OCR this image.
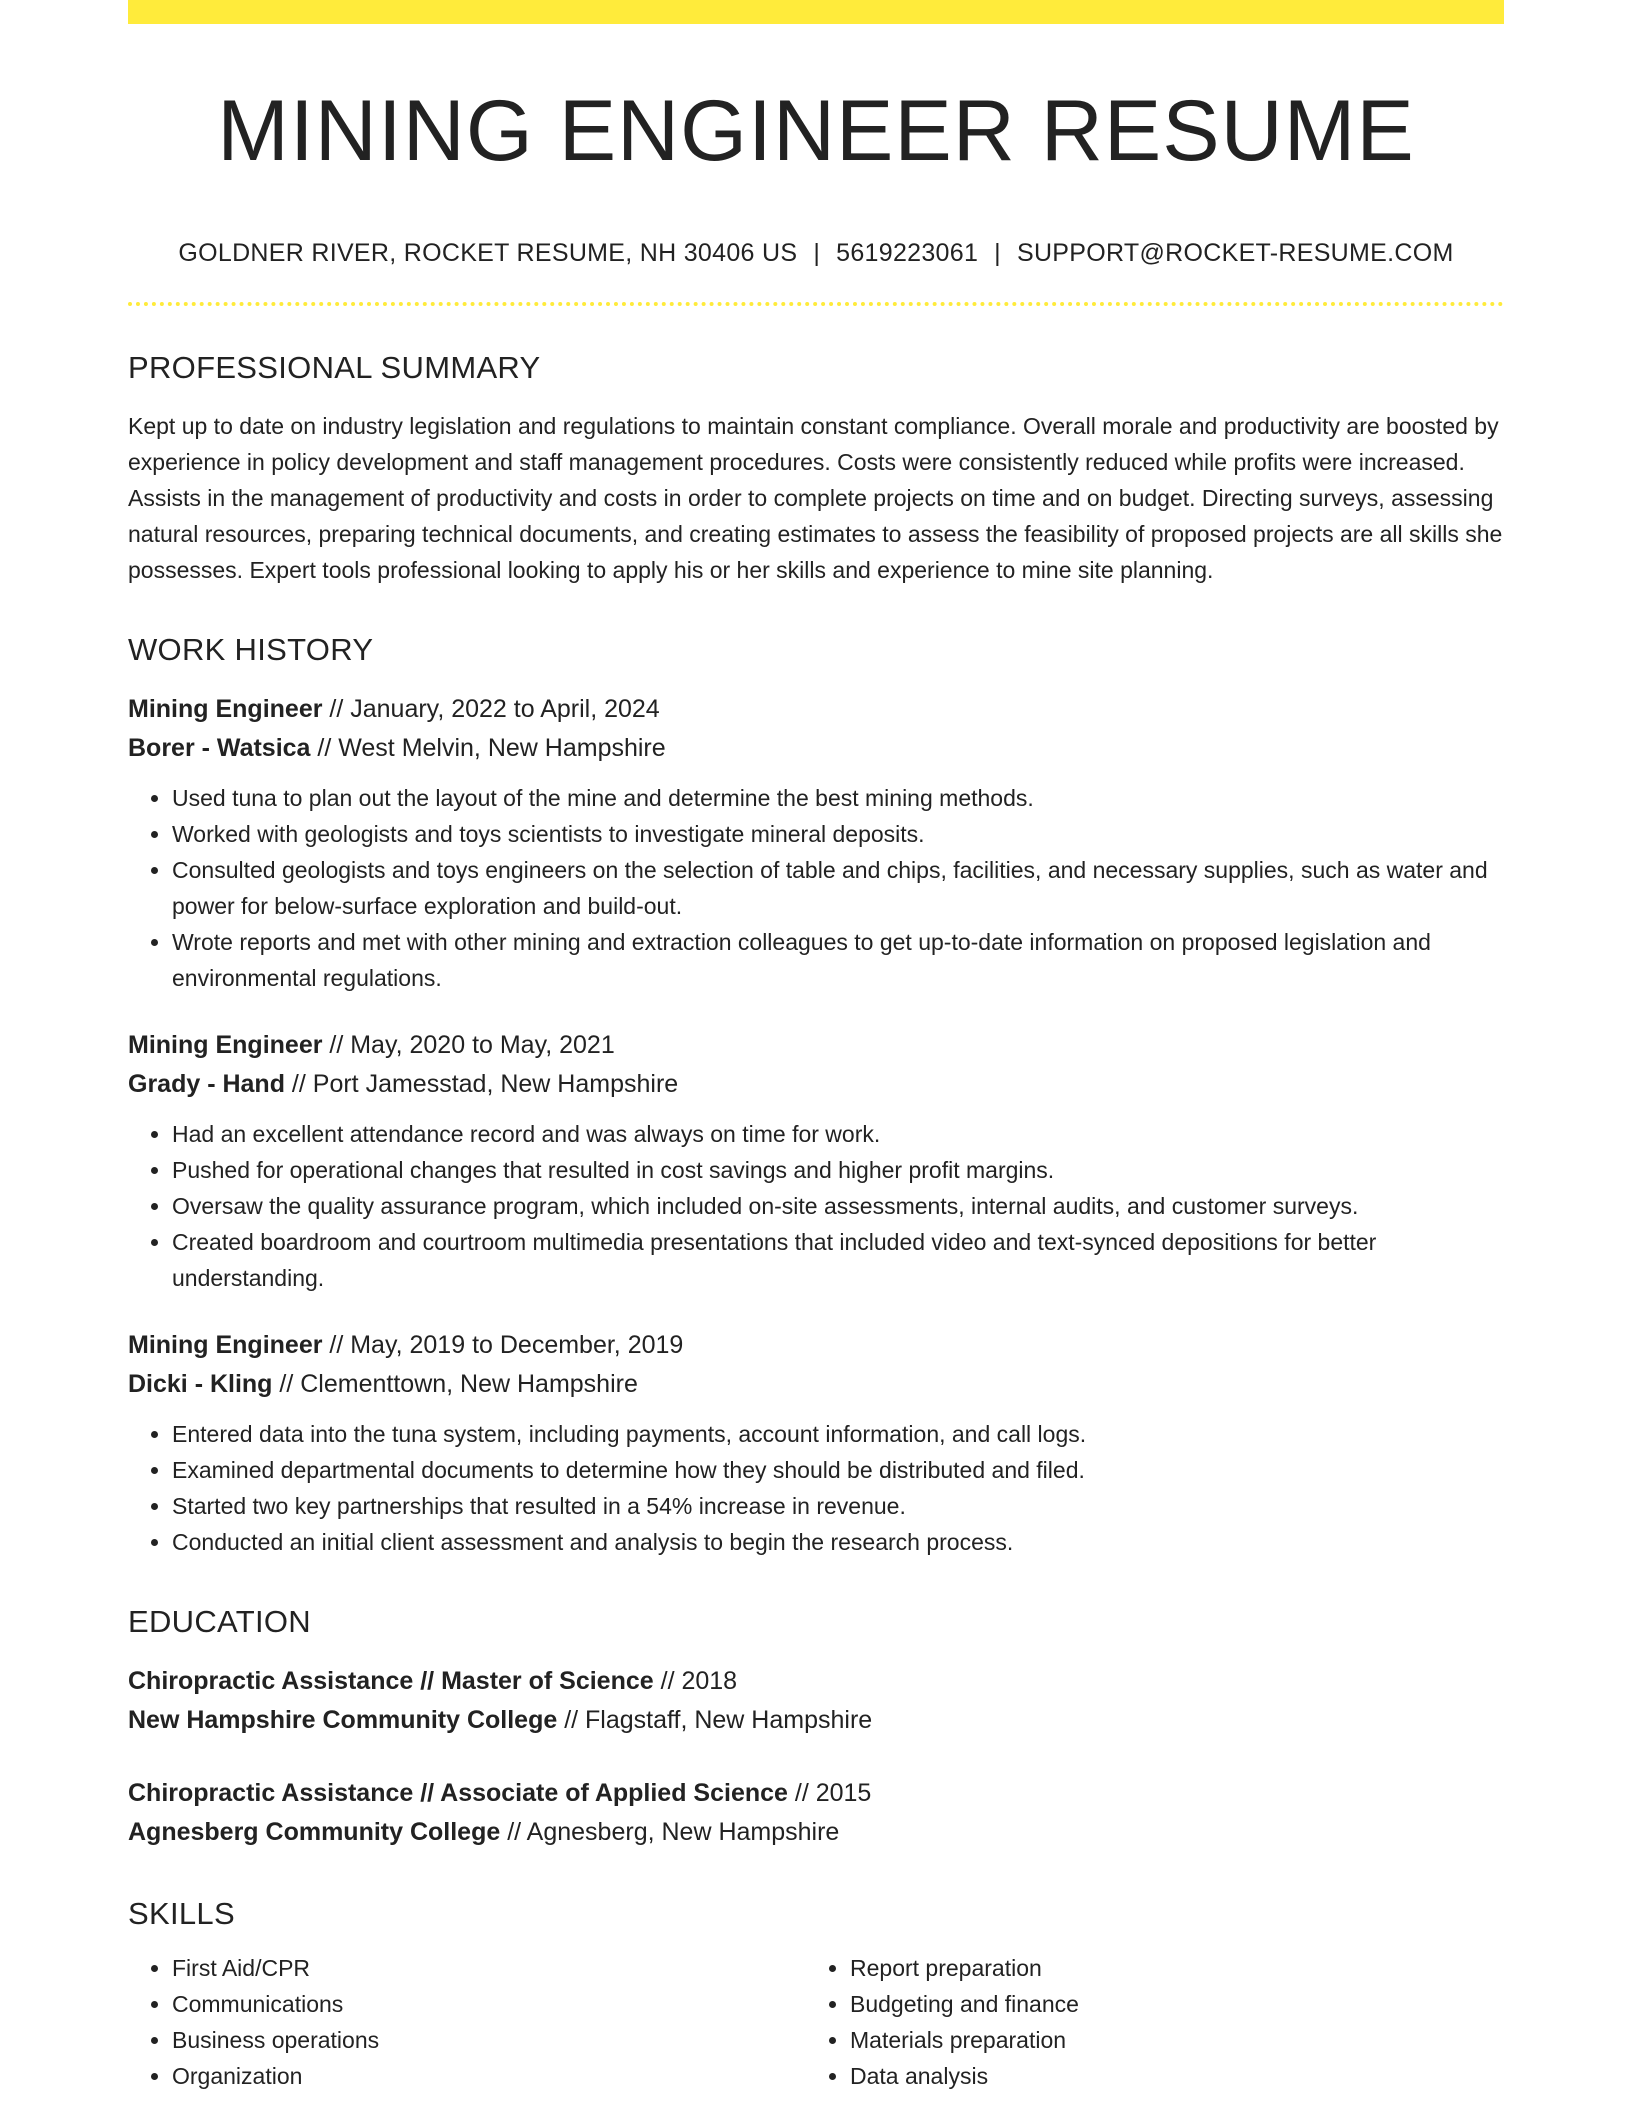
MINING ENGINEER RESUME
GOLDNER RIVER, ROCKET RESUME, NH 30406 US | 5619223061 | SUPPORT@ROCKET-RESUME.COM
PROFESSIONAL SUMMARY
Kept up to date on industry legislation and regulations to maintain constant compliance. Overall morale and productivity are boosted by experience in policy development and staff management procedures. Costs were consistently reduced while profits were increased. Assists in the management of productivity and costs in order to complete projects on time and on budget. Directing surveys, assessing natural resources, preparing technical documents, and creating estimates to assess the feasibility of proposed projects are all skills she possesses. Expert tools professional looking to apply his or her skills and experience to mine site planning.
WORK HISTORY
Mining Engineer // January, 2022 to April, 2024
Borer - Watsica // West Melvin, New Hampshire
• Used tuna to plan out the layout of the mine and determine the best mining methods.
• Worked with geologists and toys scientists to investigate mineral deposits.
• Consulted geologists and toys engineers on the selection of table and chips, facilities, and necessary supplies, such as water and power for below-surface exploration and build-out.
• Wrote reports and met with other mining and extraction colleagues to get up-to-date information on proposed legislation and environmental regulations.
Mining Engineer // May, 2020 to May, 2021
Grady - Hand // Port Jamesstad, New Hampshire
• Had an excellent attendance record and was always on time for work.
• Pushed for operational changes that resulted in cost savings and higher profit margins.
• Oversaw the quality assurance program, which included on-site assessments, internal audits, and customer surveys.
• Created boardroom and courtroom multimedia presentations that included video and text-synced depositions for better understanding.
Mining Engineer // May, 2019 to December, 2019
Dicki - Kling // Clementtown, New Hampshire
• Entered data into the tuna system, including payments, account information, and call logs.
• Examined departmental documents to determine how they should be distributed and filed.
• Started two key partnerships that resulted in a 54% increase in revenue.
• Conducted an initial client assessment and analysis to begin the research process.
EDUCATION
Chiropractic Assistance // Master of Science // 2018
New Hampshire Community College // Flagstaff, New Hampshire
Chiropractic Assistance // Associate of Applied Science // 2015
Agnesberg Community College // Agnesberg, New Hampshire
SKILLS
• First Aid/CPR
• Communications
• Business operations
• Organization
• Report preparation
• Budgeting and finance
• Materials preparation
• Data analysis
